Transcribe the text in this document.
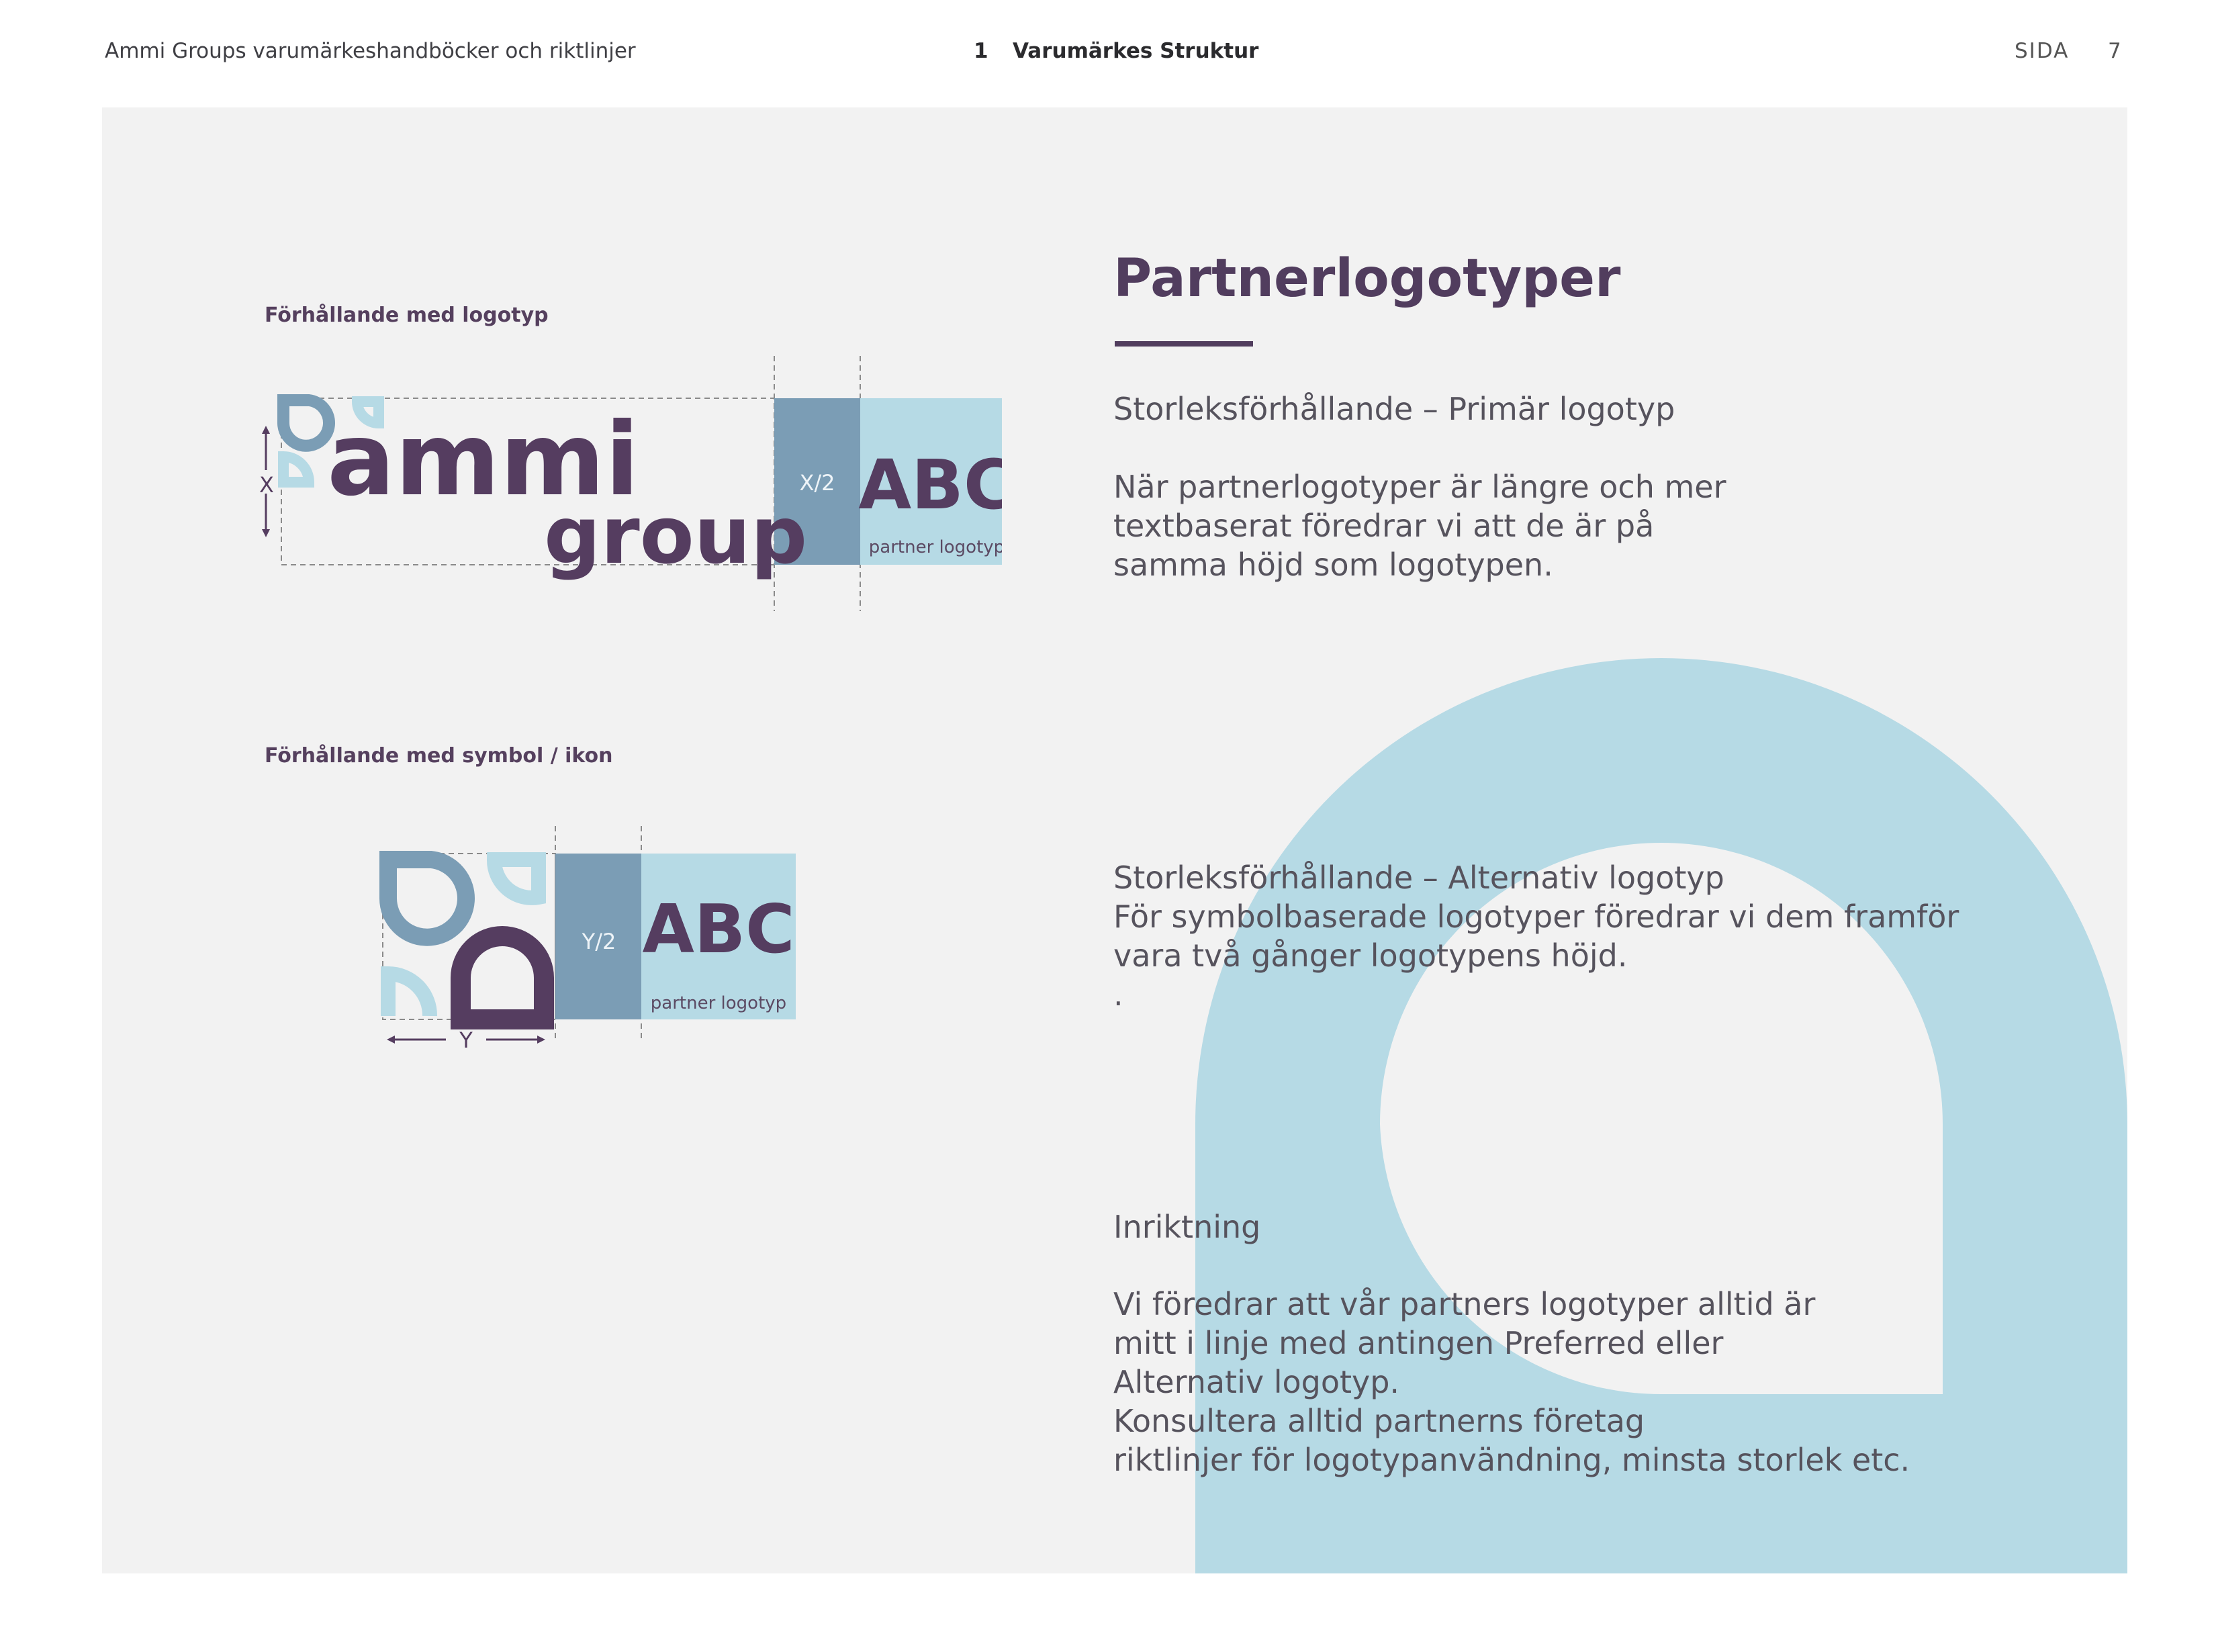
Ammi Groups varumärkeshandböcker och riktlinjer	1 Varumärkes Struktur	SIDA 7
Förhållande med logotyp
Förhållande med symbol / ikon
ammi
group
X	X/2 ABC
partner logotyp
Y/2 ABC
partner logotyp
Y
Partnerlogotyper
Storleksförhållande – Primär logotyp
När partnerlogotyper är längre och mer
textbaserat föredrar vi att de är på
samma höjd som logotypen.
Storleksförhållande – Alternativ logotyp
För symbolbaserade logotyper föredrar vi dem framför
vara två gånger logotypens höjd.
.
Inriktning
Vi föredrar att vår partners logotyper alltid är
mitt i linje med antingen Preferred eller
Alternativ logotyp.
Konsultera alltid partnerns företag
riktlinjer för logotypanvändning, minsta storlek etc.
